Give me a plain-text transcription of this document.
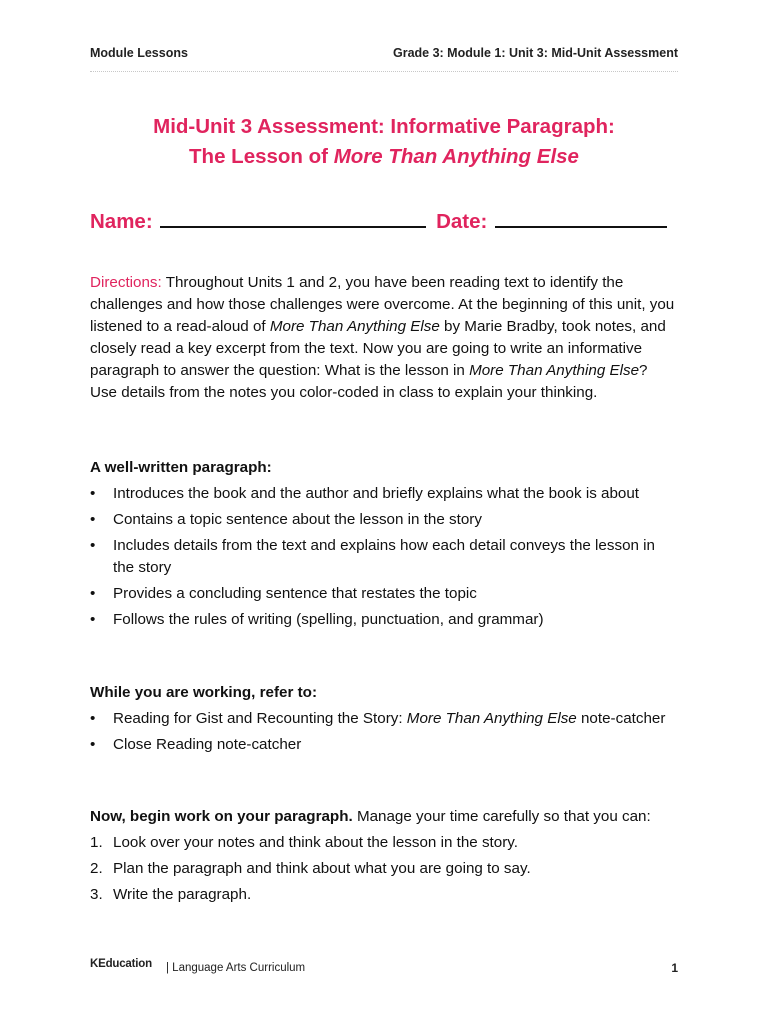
Module Lessons	Grade 3: Module 1: Unit 3: Mid-Unit Assessment
Mid-Unit 3 Assessment: Informative Paragraph:
The Lesson of More Than Anything Else
Name:	Date:
Directions: Throughout Units 1 and 2, you have been reading text to identify the challenges and how those challenges were overcome. At the beginning of this unit, you listened to a read-aloud of More Than Anything Else by Marie Bradby, took notes, and closely read a key excerpt from the text. Now you are going to write an informative paragraph to answer the question: What is the lesson in More Than Anything Else? Use details from the notes you color-coded in class to explain your thinking.
A well-written paragraph:
•	Introduces the book and the author and briefly explains what the book is about
•	Contains a topic sentence about the lesson in the story
•	Includes details from the text and explains how each detail conveys the lesson in the story
•	Provides a concluding sentence that restates the topic
•	Follows the rules of writing (spelling, punctuation, and grammar)
While you are working, refer to:
•	Reading for Gist and Recounting the Story: More Than Anything Else note-catcher
•	Close Reading note-catcher
Now, begin work on your paragraph. Manage your time carefully so that you can:
1. Look over your notes and think about the lesson in the story.
2. Plan the paragraph and think about what you are going to say.
3. Write the paragraph.
KEducation | Language Arts Curriculum	1
